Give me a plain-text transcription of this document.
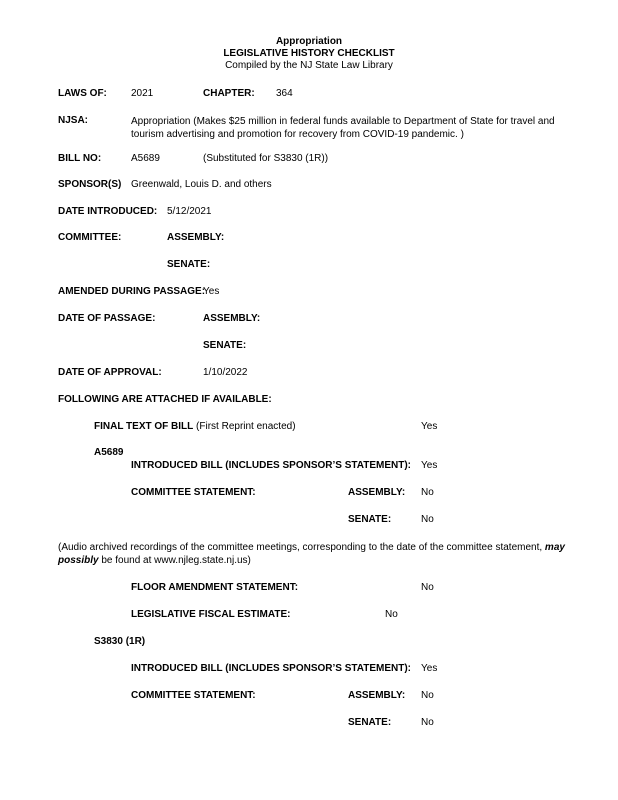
Appropriation
LEGISLATIVE HISTORY CHECKLIST
Compiled by the NJ State Law Library
LAWS OF: 2021	CHAPTER: 364
NJSA:	Appropriation (Makes $25 million in federal funds available to Department of State for travel and tourism advertising and promotion for recovery from COVID-19 pandemic. )
BILL NO:	A5689	(Substituted for S3830 (1R))
SPONSOR(S) Greenwald, Louis D. and others
DATE INTRODUCED: 5/12/2021
COMMITTEE:	ASSEMBLY:
SENATE:
AMENDED DURING PASSAGE:
Yes
DATE OF PASSAGE:	ASSEMBLY:
SENATE:
DATE OF APPROVAL:	1/10/2022
FOLLOWING ARE ATTACHED IF AVAILABLE:
FINAL TEXT OF BILL (First Reprint enacted)	Yes
A5689
INTRODUCED BILL (INCLUDES SPONSOR’S STATEMENT): Yes
COMMITTEE STATEMENT:	ASSEMBLY: No
SENATE:	No
(Audio archived recordings of the committee meetings, corresponding to the date of the committee statement, may possibly be found at www.njleg.state.nj.us)
FLOOR AMENDMENT STATEMENT:	No
LEGISLATIVE FISCAL ESTIMATE:	No
S3830 (1R)
INTRODUCED BILL (INCLUDES SPONSOR’S STATEMENT): Yes
COMMITTEE STATEMENT:	ASSEMBLY: No
SENATE:	No
